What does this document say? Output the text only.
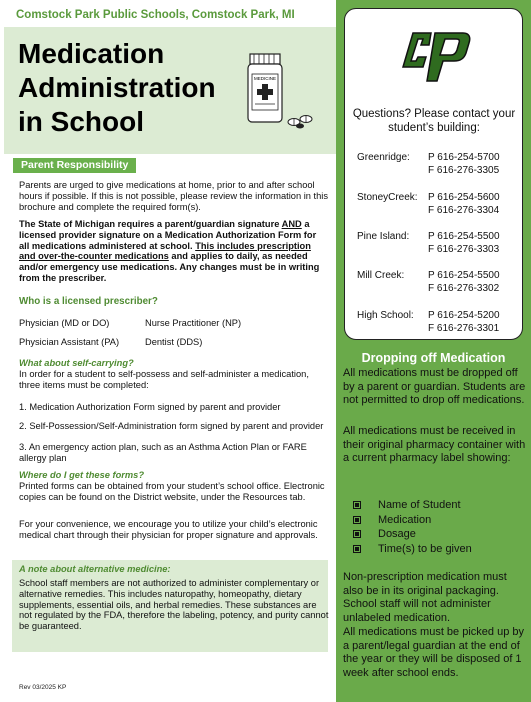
Comstock Park Public Schools, Comstock Park, MI
Medication
Administration
in School
MEDICINE
Parent Responsibility
Parents are urged to give medications at home, prior to and after school hours if possible. If this is not possible, please review the information in this brochure and complete the required form(s).
The State of Michigan requires a parent/guardian signature AND a licensed provider signature on a Medication Authorization Form for all medications administered at school. This includes prescription and over-the-counter medications and applies to daily, as needed and/or emergency use medications. Any changes must be in writing from the prescriber.
Who is a licensed prescriber?
Physician (MD or DO)	Nurse Practitioner (NP)
Physician Assistant (PA)	Dentist (DDS)
What about self-carrying?
In order for a student to self-possess and self-administer a medication, three items must be completed:
1. Medication Authorization Form signed by parent and provider
2. Self-Possession/Self-Administration form signed by parent and provider
3. An emergency action plan, such as an Asthma Action Plan or FARE allergy plan
Where do I get these forms?
Printed forms can be obtained from your student’s school office. Electronic copies can be found on the District website, under the Resources tab.
For your convenience, we encourage you to utilize your child’s electronic medical chart through their physician for proper signature and approvals.
A note about alternative medicine:
School staff members are not authorized to administer complementary or alternative remedies. This includes naturopathy, homeopathy, dietary supplements, essential oils, and herbal remedies. These substances are not regulated by the FDA, therefore the labeling, potency, and purity cannot be guaranteed.
Rev 03/2025 KP
Questions? Please contact your student’s building:
Greenridge: P 616-254-5700
F 616-276-3305
StoneyCreek: P 616-254-5600
F 616-276-3304
Pine Island: P 616-254-5500
F 616-276-3303
Mill Creek: P 616-254-5500
F 616-276-3302
High School: P 616-254-5200
F 616-276-3301
Dropping off Medication
All medications must be dropped off by a parent or guardian. Students are not permitted to drop off medications.
All medications must be received in their original pharmacy container with a current pharmacy label showing:
Name of Student
Medication
Dosage
Time(s) to be given
Non-prescription medication must also be in its original packaging. School staff will not administer unlabeled medication.
All medications must be picked up by a parent/legal guardian at the end of the year or they will be disposed of 1 week after school ends.
